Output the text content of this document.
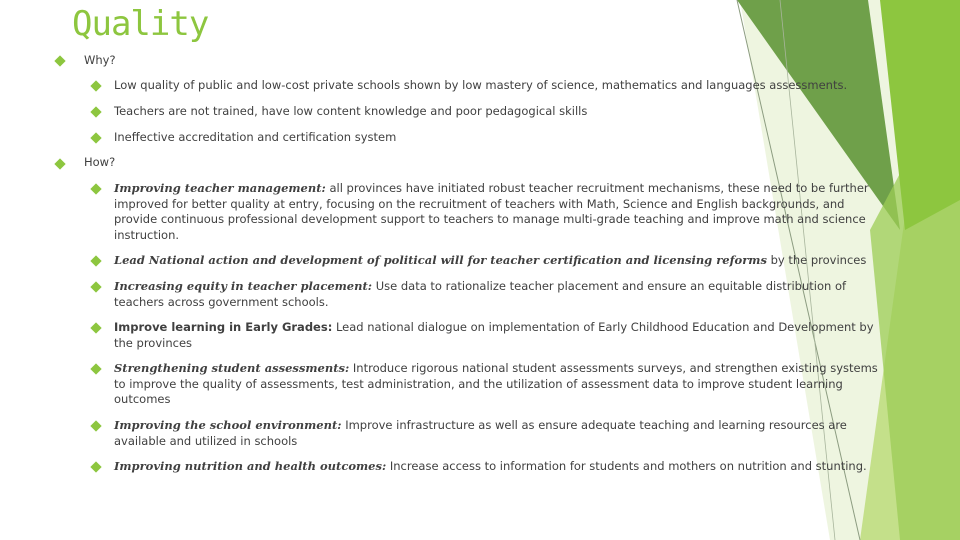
Quality
Why?
Low quality of public and low-cost private schools shown by low mastery of science, mathematics and languages assessments.
Teachers are not trained, have low content knowledge and poor pedagogical skills
Ineffective accreditation and certification system
How?
Improving teacher management: all provinces have initiated robust teacher recruitment mechanisms, these need to be further improved for better quality at entry, focusing on the recruitment of teachers with Math, Science and English backgrounds, and provide continuous professional development support to teachers to manage multi-grade teaching and improve math and science instruction.
Lead National action and development of political will for teacher certification and licensing reforms by the provinces
Increasing equity in teacher placement: Use data to rationalize teacher placement and ensure an equitable distribution of teachers across government schools.
Improve learning in Early Grades: Lead national dialogue on implementation of Early Childhood Education and Development by the provinces
Strengthening student assessments: Introduce rigorous national student assessments surveys, and strengthen existing systems to improve the quality of assessments, test administration, and the utilization of assessment data to improve student learning outcomes
Improving the school environment: Improve infrastructure as well as ensure adequate teaching and learning resources are available and utilized in schools
Improving nutrition and health outcomes: Increase access to information for students and mothers on nutrition and stunting.
